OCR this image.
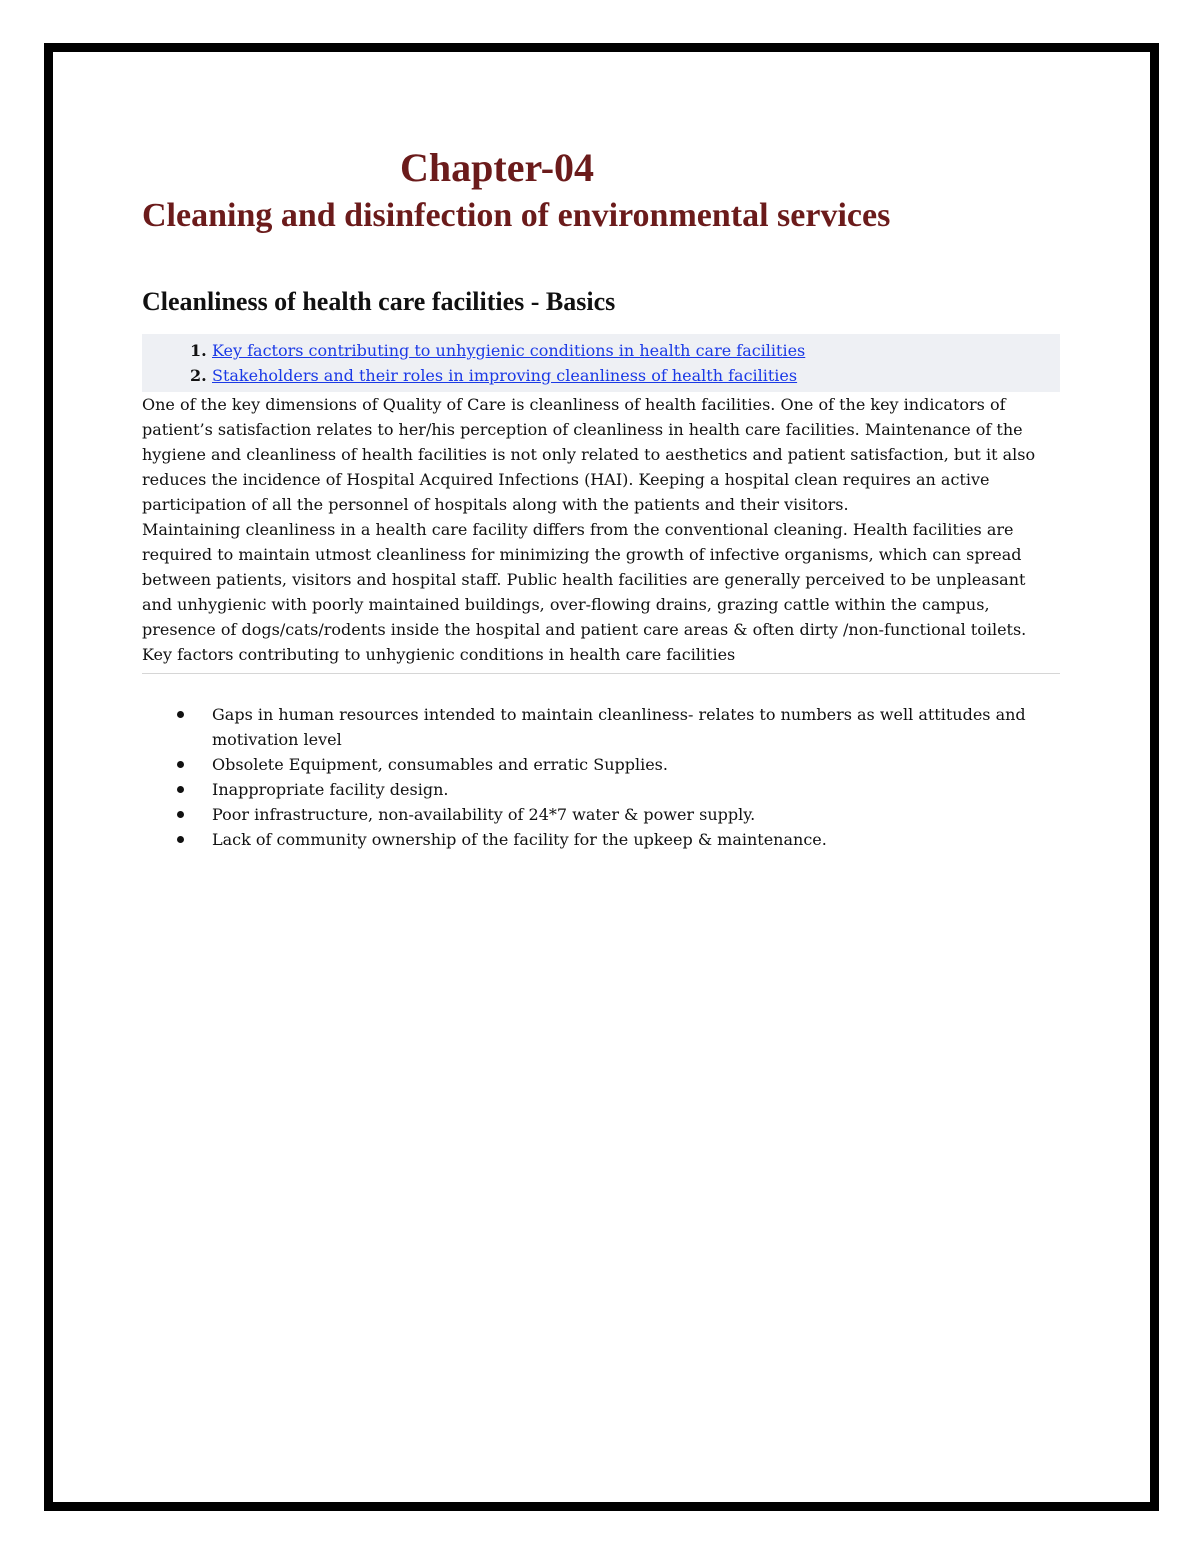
Chapter-04
Cleaning and disinfection of environmental services
Cleanliness of health care facilities - Basics
1. Key factors contributing to unhygienic conditions in health care facilities
2. Stakeholders and their roles in improving cleanliness of health facilities

One of the key dimensions of Quality of Care is cleanliness of health facilities. One of the key indicators of patient’s satisfaction relates to her/his perception of cleanliness in health care facilities. Maintenance of the hygiene and cleanliness of health facilities is not only related to aesthetics and patient satisfaction, but it also reduces the incidence of Hospital Acquired Infections (HAI). Keeping a hospital clean requires an active participation of all the personnel of hospitals along with the patients and their visitors.

Maintaining cleanliness in a health care facility differs from the conventional cleaning. Health facilities are required to maintain utmost cleanliness for minimizing the growth of infective organisms, which can spread between patients, visitors and hospital staff. Public health facilities are generally perceived to be unpleasant and unhygienic with poorly maintained buildings, over-flowing drains, grazing cattle within the campus, presence of dogs/cats/rodents inside the hospital and patient care areas & often dirty /non-functional toilets.

Key factors contributing to unhygienic conditions in health care facilities

Gaps in human resources intended to maintain cleanliness- relates to numbers as well attitudes and motivation level
Obsolete Equipment, consumables and erratic Supplies.
Inappropriate facility design.
Poor infrastructure, non-availability of 24*7 water & power supply.
Lack of community ownership of the facility for the upkeep & maintenance.
